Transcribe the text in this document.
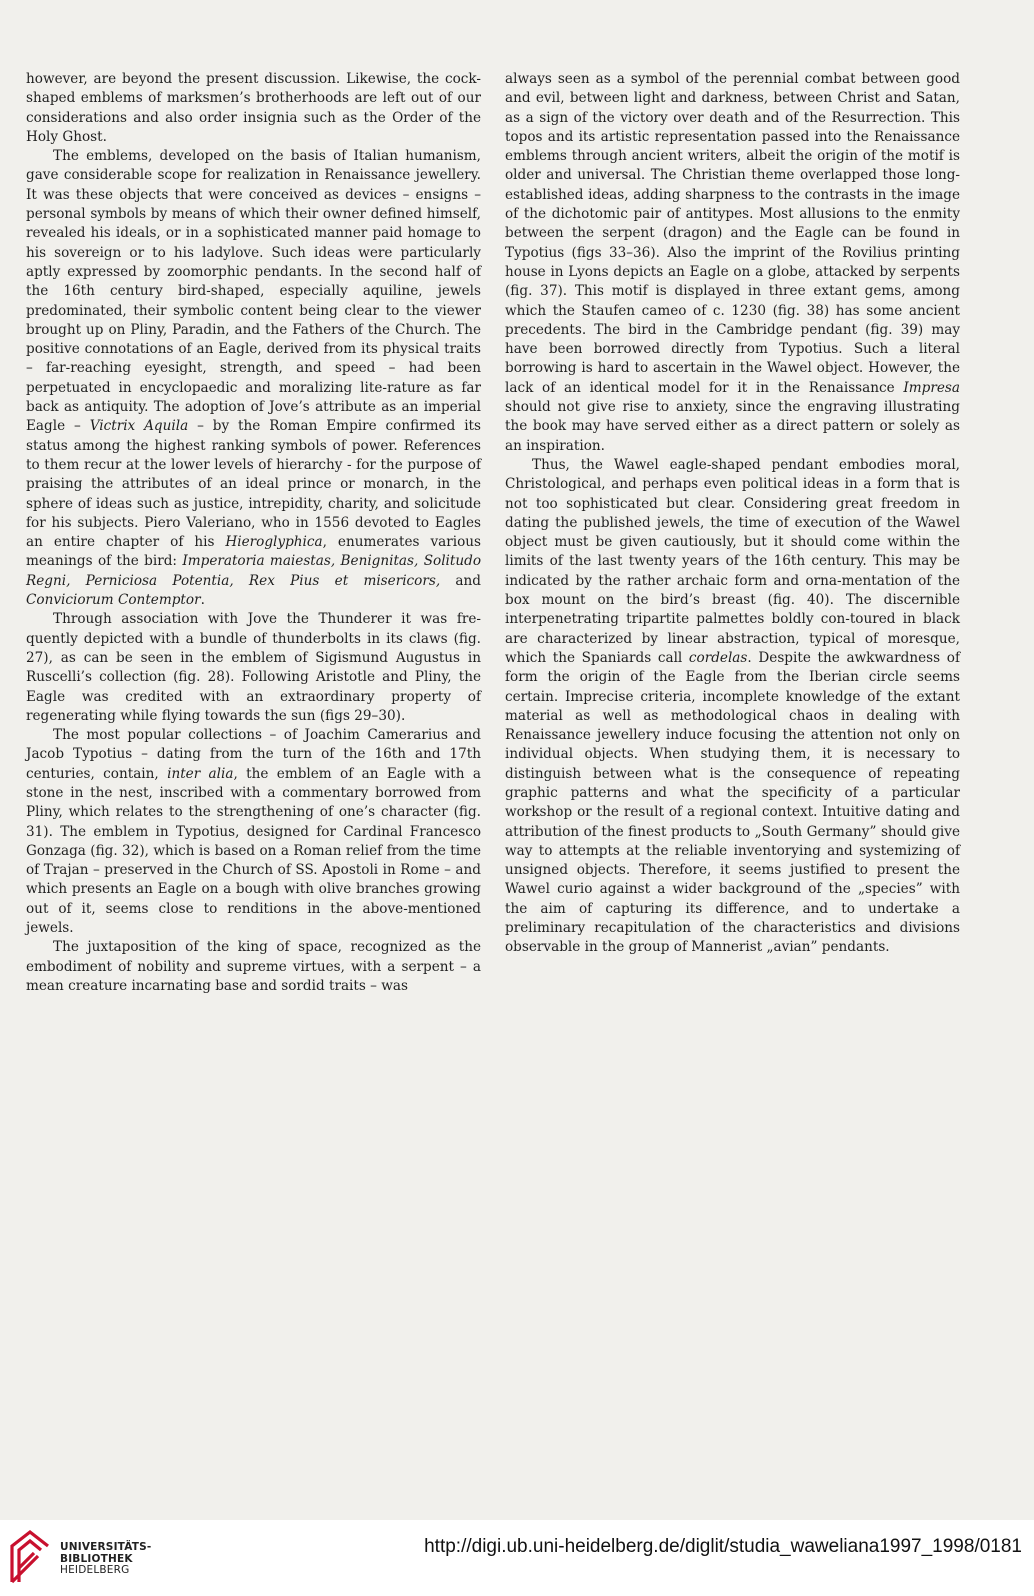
however, are beyond the present discussion. Likewise, the cock-shaped emblems of marksmen’s brotherhoods are left out of our considerations and also order insignia such as the Order of the Holy Ghost.

The emblems, developed on the basis of Italian humanism, gave considerable scope for realization in Renaissance jewellery. It was these objects that were conceived as devices – ensigns – personal symbols by means of which their owner defined himself, revealed his ideals, or in a sophisticated manner paid homage to his sovereign or to his ladylove. Such ideas were particularly aptly expressed by zoomorphic pendants. In the second half of the 16th century bird-shaped, especially aquiline, jewels predominated, their symbolic content being clear to the viewer brought up on Pliny, Paradin, and the Fathers of the Church. The positive connotations of an Eagle, derived from its physical traits – far-reaching eyesight, strength, and speed – had been perpetuated in encyclopaedic and moralizing lite-rature as far back as antiquity. The adoption of Jove’s attribute as an imperial Eagle – Victrix Aquila – by the Roman Empire confirmed its status among the highest ranking symbols of power. References to them recur at the lower levels of hierarchy - for the purpose of praising the attributes of an ideal prince or monarch, in the sphere of ideas such as justice, intrepidity, charity, and solicitude for his subjects. Piero Valeriano, who in 1556 devoted to Eagles an entire chapter of his Hieroglyphica, enumerates various meanings of the bird: Imperatoria maiestas, Benignitas, Solitudo Regni, Perniciosa Potentia, Rex Pius et misericors, and Conviciorum Contemptor.

Through association with Jove the Thunderer it was fre-quently depicted with a bundle of thunderbolts in its claws (fig. 27), as can be seen in the emblem of Sigismund Augustus in Ruscelli’s collection (fig. 28). Following Aristotle and Pliny, the Eagle was credited with an extraordinary property of regenerating while flying towards the sun (figs 29–30).

The most popular collections – of Joachim Camerarius and Jacob Typotius – dating from the turn of the 16th and 17th centuries, contain, inter alia, the emblem of an Eagle with a stone in the nest, inscribed with a commentary borrowed from Pliny, which relates to the strengthening of one’s character (fig. 31). The emblem in Typotius, designed for Cardinal Francesco Gonzaga (fig. 32), which is based on a Roman relief from the time of Trajan – preserved in the Church of SS. Apostoli in Rome – and which presents an Eagle on a bough with olive branches growing out of it, seems close to renditions in the above-mentioned jewels.

The juxtaposition of the king of space, recognized as the embodiment of nobility and supreme virtues, with a serpent – a mean creature incarnating base and sordid traits – was

always seen as a symbol of the perennial combat between good and evil, between light and darkness, between Christ and Satan, as a sign of the victory over death and of the Resurrection. This topos and its artistic representation passed into the Renaissance emblems through ancient writers, albeit the origin of the motif is older and universal. The Christian theme overlapped those long-established ideas, adding sharpness to the contrasts in the image of the dichotomic pair of antitypes. Most allusions to the enmity between the serpent (dragon) and the Eagle can be found in Typotius (figs 33–36). Also the imprint of the Rovilius printing house in Lyons depicts an Eagle on a globe, attacked by serpents (fig. 37). This motif is displayed in three extant gems, among which the Staufen cameo of c. 1230 (fig. 38) has some ancient precedents. The bird in the Cambridge pendant (fig. 39) may have been borrowed directly from Typotius. Such a literal borrowing is hard to ascertain in the Wawel object. However, the lack of an identical model for it in the Renaissance Impresa should not give rise to anxiety, since the engraving illustrating the book may have served either as a direct pattern or solely as an inspiration.

Thus, the Wawel eagle-shaped pendant embodies moral, Christological, and perhaps even political ideas in a form that is not too sophisticated but clear. Considering great freedom in dating the published jewels, the time of execution of the Wawel object must be given cautiously, but it should come within the limits of the last twenty years of the 16th century. This may be indicated by the rather archaic form and orna-mentation of the box mount on the bird’s breast (fig. 40). The discernible interpenetrating tripartite palmettes boldly con-toured in black are characterized by linear abstraction, typical of moresque, which the Spaniards call cordelas. Despite the awkwardness of form the origin of the Eagle from the Iberian circle seems certain. Imprecise criteria, incomplete knowledge of the extant material as well as methodological chaos in dealing with Renaissance jewellery induce focusing the attention not only on individual objects. When studying them, it is necessary to distinguish between what is the consequence of repeating graphic patterns and what the specificity of a particular workshop or the result of a regional context. Intuitive dating and attribution of the finest products to „South Germany” should give way to attempts at the reliable inventorying and systemizing of unsigned objects. Therefore, it seems justified to present the Wawel curio against a wider background of the „species” with the aim of capturing its difference, and to undertake a preliminary recapitulation of the characteristics and divisions observable in the group of Mannerist „avian” pendants.

UNIVERSITÄTS-
BIBLIOTHEK
HEIDELBERG
http://digi.ub.uni-heidelberg.de/diglit/studia_waweliana1997_1998/0181
